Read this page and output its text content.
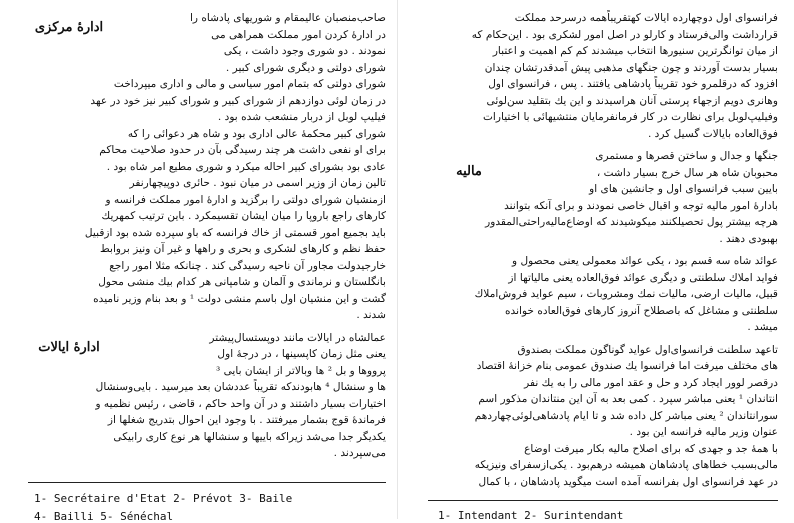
صاحب‌منصبان عالیمقام و شوریهای پادشاه را
در ادارهٔ کردن امور مملکت همراهی می
نمودند . دو شوری وجود داشت ، یکی
ادارهٔ مرکزی
شورای دولتی و دیگری شورای کبیر .
شورای دولتی که بتمام امور سیاسی و مالی و اداری میپرداخت
در زمان لوئی دوازدهم از شورای کبیر و شورای کبیر نیز خود در عهد
فیلیپ لوبل از دربار منشعب شده بود .
شورای کبیر محکمهٔ عالی اداری بود و شاه هر دعوائی را که
برای او نفعی داشت هر چند رسیدگی بآن در حدود صلاحیت محاکم
عادی بود بشورای کبیر احاله میکرد و شوری مطیع امر شاه بود .
تالین زمان از وزیر اسمی در میان نبود . حائری دوپیچهارنفر
ازمنشیان شورای دولتی را برگزید و ادارهٔ امور مملکت فرانسه و
کارهای راجع باروپا را میان ایشان تقسیمکرد . باین ترتیب کمهریك
باید بجمیع امور قسمتی از خاك فرانسه که باو سپرده شده بود ازقبیل
حفظ نظم و کارهای لشکری و بحری و راهها و غیر آن ونیز بروابط
خارجیدولت مجاور آن ناحیه رسیدگی کند . چنانکه مثلا امور راجع
بانگلستان و نرماندی و آلمان و شامپانی هر کدام بیك منشی محول
گشت و این منشیان اول باسم منشی دولت ¹ و بعد بنام وزیر نامیده
شدند .
عمالشاه در ایالات مانند دوپستسال‌پیشتر
یعنی مثل زمان کاپسینها ، در درجهٔ اول
پرووها و بل ² ها وبالاتر از ایشان بایی ³
ادارهٔ ایالات
ها و سنشال ⁴ هابودندکه تقریباً عددشان بعد میرسید . بایی‌وسنشال
اختیارات بسیار داشتند و در آن واحد حاکم ، قاضی ، رئیس نظمیه و
فرماندهٔ قوج بشمار میرفتند . با وجود این احوال بتدریج شغلها از
یکدیگر جدا می‌شد زیراکه باییها و سنشالها هر نوع کاری رابیکی
می‌سپردند .
1- Secrétaire d'Etat 2- Prévot 3- Baile
4- Bailli 5- Sénéchal
فرانسوای اول دوچهارده ایالات کهتقریباًهمه درسرحد مملکت
قرارداشت والی‌فرستاد و کارلو در اصل امور لشکری بود . این‌حکام که
از میان توانگرترین سنیورها انتخاب میشدند کم کم اهمیت و اعتبار
بسیار بدست آوردند و چون جنگهای مذهبی پیش آمدقدرتشان چندان
افزود که درقلمرو خود تقریباً پادشاهی یافتند . پس ، فرانسوای اول
وهانری دویم ازجهاء پرستی آنان هراسیدند و این یك بتقلید سن‌لوئی
وفیلیپ‌لوبل برای نظارت در کار فرمانفرمایان منتشیهائی با اختیارات
فوق‌العاده بایالات گسیل کرد .
جنگها و جدال و ساختن قصرها و مستمری
محبوبان شاه هر سال خرج بسیار داشت ،
بایین سبب فرانسوای اول و جانشین های او
مالیه
بادارهٔ امور مالیه توجه و اقبال خاصی نمودند و برای آنکه بتوانند
هرچه بیشتر پول تحصیلکنند میکوشیدند که اوضاع‌مالیه‌راحتی‌المقدور
بهبودی دهند .
عوائد شاه سه قسم بود ، یکی عوائد معمولی یعنی محصول و
فواید املاك سلطنتی و دیگری عوائد فوق‌العاده یعنی مالیاتها از
قبیل، مالیات ارضی، مالیات نمك ومشروبات ، سیم عواید فروش‌املاك
سلطنتی و مشاغل که باصطلاح آنروز کارهای فوق‌العاده خوانده
میشد .
تاعهد سلطنت فرانسوای‌اول عواید گوناگون مملکت بصندوق
های مختلف میرفت اما فرانسوا یك صندوق عمومی بنام خزانهٔ اقتصاد
درقصر لوور ایجاد کرد و حل و عقد امور مالی را به یك نفر
انتاندان ¹ یعنی مباشر سپرد . کمی بعد به آن این منتاندان مذکور اسم
سورانتاندان ² یعنی مباشر کل داده شد و تا ایام پادشاهی‌لوئی‌چهاردهم
عنوان وزیر مالیه فرانسه این بود .
با همهٔ جد و جهدی که برای اصلاح مالیه بکار میرفت اوضاع
مالی‌بسبب خطاهای پادشاهان همیشه درهم‌بود . یکی‌ازسفرای ونیزیکه
در عهد فرانسوای اول بفرانسه آمده است میگوید پادشاهان ، با کمال
1- Intendant 2- Surintendant
